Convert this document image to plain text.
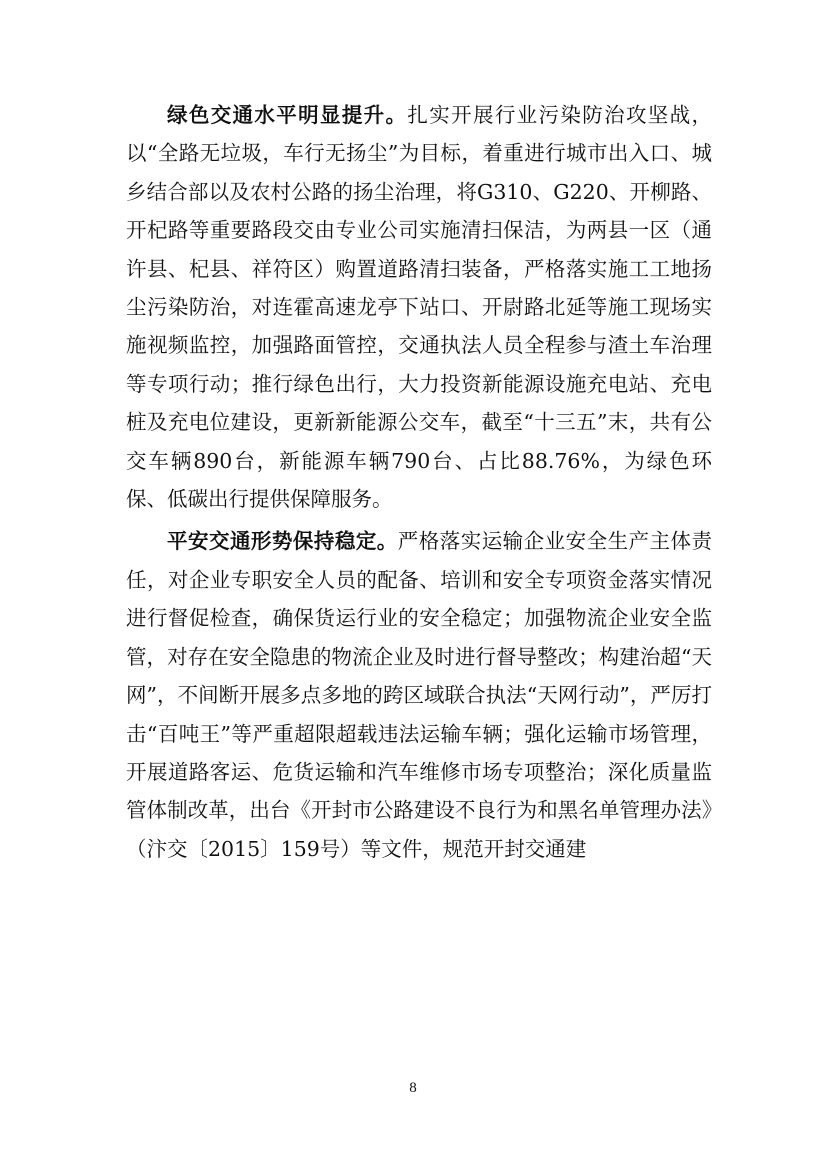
绿色交通水平明显提升。扎实开展行业污染防治攻坚战，以“全路无垃圾，车行无扬尘”为目标，着重进行城市出入口、城乡结合部以及农村公路的扬尘治理，将G310、G220、开柳路、开杞路等重要路段交由专业公司实施清扫保洁，为两县一区（通许县、杞县、祥符区）购置道路清扫装备，严格落实施工工地扬尘污染防治，对连霍高速龙亭下站口、开尉路北延等施工现场实施视频监控，加强路面管控，交通执法人员全程参与渣土车治理等专项行动；推行绿色出行，大力投资新能源设施充电站、充电桩及充电位建设，更新新能源公交车，截至“十三五”末，共有公交车辆890台，新能源车辆790台、占比88.76%，为绿色环保、低碳出行提供保障服务。

平安交通形势保持稳定。严格落实运输企业安全生产主体责任，对企业专职安全人员的配备、培训和安全专项资金落实情况进行督促检查，确保货运行业的安全稳定；加强物流企业安全监管，对存在安全隐患的物流企业及时进行督导整改；构建治超“天网”，不间断开展多点多地的跨区域联合执法“天网行动”，严厉打击“百吨王”等严重超限超载违法运输车辆；强化运输市场管理，开展道路客运、危货运输和汽车维修市场专项整治；深化质量监管体制改革，出台《开封市公路建设不良行为和黑名单管理办法》（汴交〔2015〕159号）等文件，规范开封交通建

8
